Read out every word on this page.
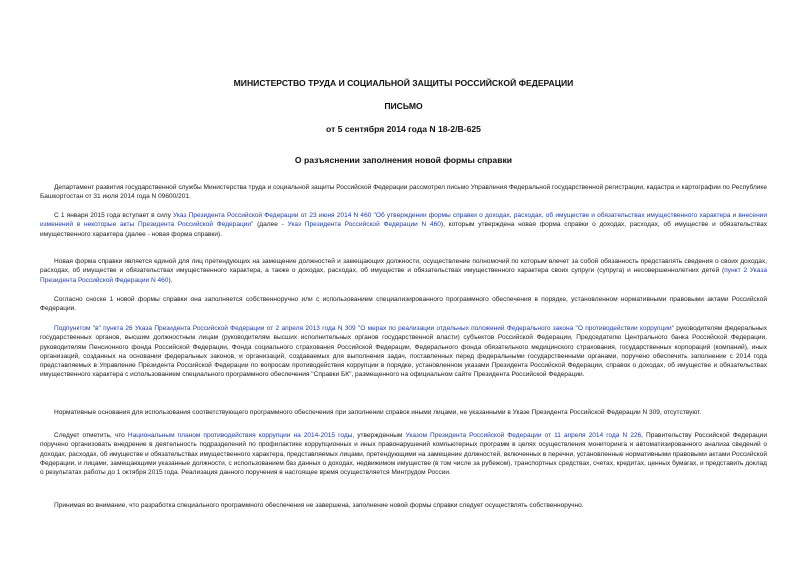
МИНИСТЕРСТВО ТРУДА И СОЦИАЛЬНОЙ ЗАЩИТЫ РОССИЙСКОЙ ФЕДЕРАЦИИ
ПИСЬМО
от 5 сентября 2014 года N 18-2/В-625
О разъяснении заполнения новой формы справки

Департамент развития государственной службы Министерства труда и социальной защиты Российской Федерации рассмотрел письмо Управления Федеральной государственной регистрации, кадастра и картографии по Республике Башкортостан от 31 июля 2014 года N 09600/201.

С 1 января 2015 года вступает в силу Указ Президента Российской Федерации от 23 июня 2014 N 460 "Об утверждении формы справки о доходах, расходах, об имуществе и обязательствах имущественного характера и внесении изменений в некоторые акты Президента Российской Федерации" (далее - Указ Президента Российской Федерации N 460), которым утверждена новая форма справки о доходах, расходах, об имуществе и обязательствах имущественного характера (далее - новая форма справки).

Новая форма справки является единой для лиц претендующих на замещение должностей и замещающих должности, осуществление полномочий по которым влечет за собой обязанность представлять сведения о своих доходах, расходах, об имуществе и обязательствах имущественного характера, а также о доходах, расходах, об имуществе и обязательствах имущественного характера своих супруги (супруга) и несовершеннолетних детей (пункт 2 Указа Президента Российской Федерации N 460).

Согласно сноске 1 новой формы справки она заполняется собственноручно или с использованием специализированного программного обеспечения в порядке, установленном нормативными правовыми актами Российской Федерации.

Подпунктом "в" пункта 26 Указа Президента Российской Федерации от 2 апреля 2013 года N 309 "О мерах по реализации отдельных положений Федерального закона "О противодействии коррупции" руководителям федеральных государственных органов, высшим должностным лицам (руководителям высших исполнительных органов государственной власти) субъектов Российской Федерации, Председателю Центрального банка Российской Федерации, руководителям Пенсионного фонда Российской Федерации, Фонда социального страхования Российской Федерации, Федерального фонда обязательного медицинского страхования, государственных корпораций (компаний), иных организаций, созданных на основании федеральных законов, и организаций, создаваемых для выполнения задач, поставленных перед федеральными государственными органами, поручено обеспечить заполнение с 2014 года представляемых в Управление Президента Российской Федерации по вопросам противодействия коррупции в порядке, установленном указами Президента Российской Федерации, справок о доходах, об имуществе и обязательствах имущественного характера с использованием специального программного обеспечения "Справки БК", размещенного на официальном сайте Президента Российской Федерации.

Нормативные основания для использования соответствующего программного обеспечения при заполнении справок иными лицами, не указанными в Указе Президента Российской Федерации N 309, отсутствуют.

Следует отметить, что Национальным планом противодействия коррупции на 2014-2015 годы, утвержденным Указом Президента Российской Федерации от 11 апреля 2014 года N 226, Правительству Российской Федерации поручено организовать внедрение в деятельность подразделений по профилактике коррупционных и иных правонарушений компьютерных программ в целях осуществления мониторинга и автоматизированного анализа сведений о доходах, расходах, об имуществе и обязательствах имущественного характера, представляемых лицами, претендующими на замещение должностей, включенных в перечни, установленные нормативными правовыми актами Российской Федерации, и лицами, замещающими указанные должности, с использованием баз данных о доходах, недвижимом имуществе (в том числе за рубежом), транспортных средствах, счетах, кредитах, ценных бумагах, и представить доклад о результатах работы до 1 октября 2015 года. Реализация данного поручения в настоящее время осуществляется Минтрудом России.

Принимая во внимание, что разработка специального программного обеспечения не завершена, заполнение новой формы справки следует осуществлять собственноручно.
